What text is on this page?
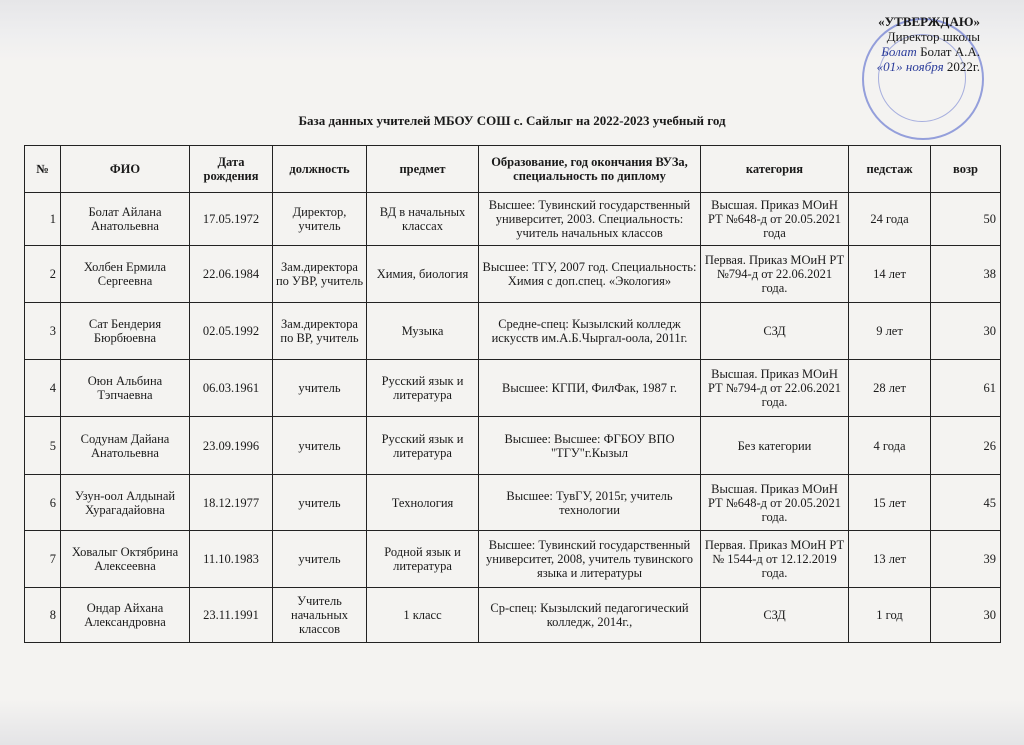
«УТВЕРЖДАЮ»
Директор школы
Болат Болат А.А.
«01» ноября 2022г.
База данных учителей МБОУ СОШ с. Сайлыг на 2022-2023 учебный год
№	ФИО	Дата рождения	должность	предмет	Образование, год окончания ВУЗа, специальность по диплому	категория	педстаж	возр
1	Болат Айлана Анатольевна	17.05.1972	Директор, учитель	ВД в начальных классах	Высшее: Тувинский государственный университет, 2003. Специальность: учитель начальных классов	Высшая. Приказ МОиН РТ №648-д от 20.05.2021 года	24 года	50
2	Холбен Ермила Сергеевна	22.06.1984	Зам.директора по УВР, учитель	Химия, биология	Высшее: ТГУ, 2007 год. Специальность: Химия с доп.спец. «Экология»	Первая. Приказ МОиН РТ №794-д от 22.06.2021 года.	14 лет	38
3	Сат Бендерия Бюрбюевна	02.05.1992	Зам.директора по ВР, учитель	Музыка	Средне-спец: Кызылский колледж искусств им.А.Б.Чыргал-оола, 2011г.	СЗД	9 лет	30
4	Оюн Альбина Тэпчаевна	06.03.1961	учитель	Русский язык и литература	Высшее: КГПИ, ФилФак, 1987 г.	Высшая. Приказ МОиН РТ №794-д от 22.06.2021 года.	28 лет	61
5	Содунам Дайана Анатольевна	23.09.1996	учитель	Русский язык и литература	Высшее: Высшее: ФГБОУ ВПО "ТГУ"г.Кызыл	Без категории	4 года	26
6	Узун-оол Алдынай Хурагадайовна	18.12.1977	учитель	Технология	Высшее: ТувГУ, 2015г, учитель технологии	Высшая. Приказ МОиН РТ №648-д от 20.05.2021 года.	15 лет	45
7	Ховалыг Октябрина Алексеевна	11.10.1983	учитель	Родной язык и литература	Высшее: Тувинский государственный университет, 2008, учитель тувинского языка и литературы	Первая. Приказ МОиН РТ № 1544-д от 12.12.2019 года.	13 лет	39
8	Ондар Айхана Александровна	23.11.1991	Учитель начальных классов	1 класс	Ср-спец: Кызылский педагогический колледж, 2014г.,	СЗД	1 год	30
